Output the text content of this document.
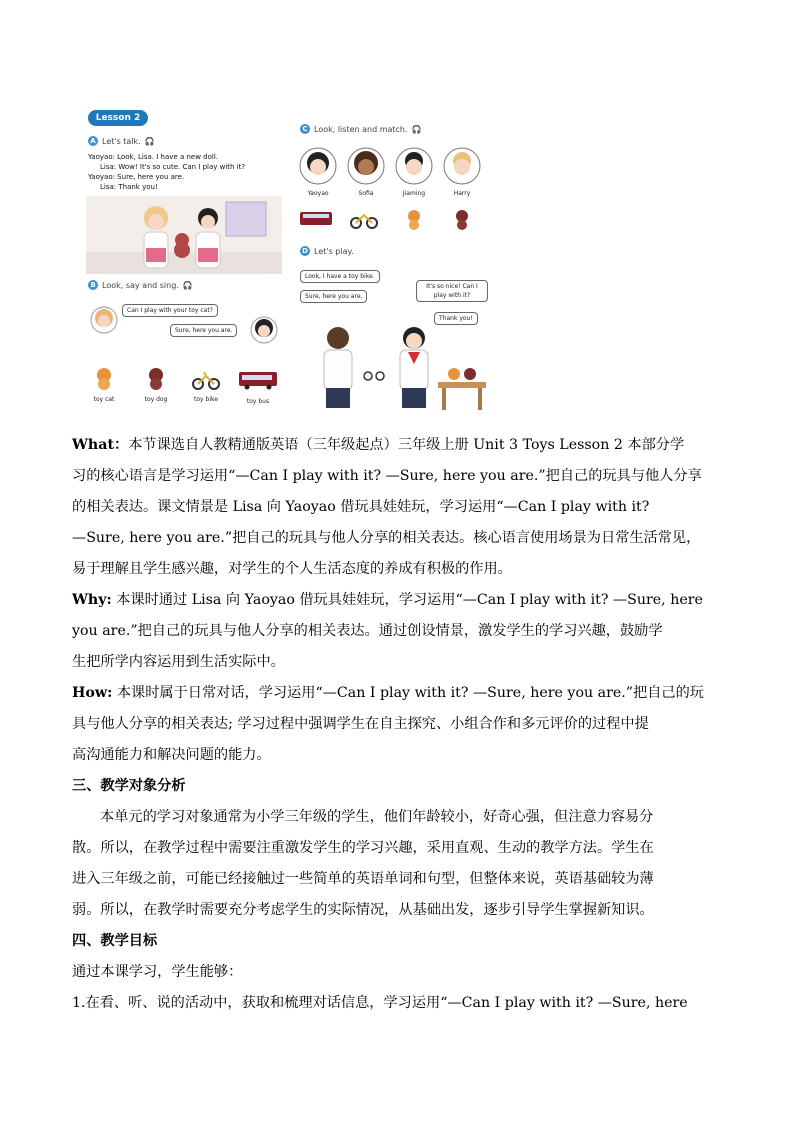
Lesson 2
A Let's talk. 🎧
Yaoyao: Look, Lisa. I have a new doll.
Lisa: Wow! It's so cute. Can I play with it?
Yaoyao: Sure, here you are.
Lisa: Thank you!
B Look, say and sing. 🎧
Can I play with your toy cat?
Sure, here you are.
toy cat	toy dog	toy bike	toy bus
C Look, listen and match. 🎧
Yaoyao	Sofia	Jiaming	Harry
D Let's play.
Look, I have a toy bike.
Sure, here you are.
It's so nice! Can I play with it?
Thank you!

What：本节课选自人教精通版英语（三年级起点）三年级上册 Unit 3 Toys Lesson 2 本部分学

习的核心语言是学习运用“—Can I play with it? —Sure, here you are.”把自己的玩具与他人分享

的相关表达。课文情景是 Lisa 向 Yaoyao 借玩具娃娃玩，学习运用“—Can I play with it?

—Sure, here you are.”把自己的玩具与他人分享的相关表达。核心语言使用场景为日常生活常见，

易于理解且学生感兴趣，对学生的个人生活态度的养成有积极的作用。

Why: 本课时通过 Lisa 向 Yaoyao 借玩具娃娃玩，学习运用“—Can I play with it? —Sure, here

you are.”把自己的玩具与他人分享的相关表达。通过创设情景，激发学生的学习兴趣，鼓励学

生把所学内容运用到生活实际中。

How: 本课时属于日常对话，学习运用“—Can I play with it? —Sure, here you are.”把自己的玩

具与他人分享的相关表达; 学习过程中强调学生在自主探究、小组合作和多元评价的过程中提

高沟通能力和解决问题的能力。

三、教学对象分析

本单元的学习对象通常为小学三年级的学生，他们年龄较小，好奇心强，但注意力容易分

散。所以，在教学过程中需要注重激发学生的学习兴趣，采用直观、生动的教学方法。学生在

进入三年级之前，可能已经接触过一些简单的英语单词和句型，但整体来说，英语基础较为薄

弱。所以，在教学时需要充分考虑学生的实际情况，从基础出发，逐步引导学生掌握新知识。

四、教学目标

通过本课学习，学生能够：

1.在看、听、说的活动中，获取和梳理对话信息，学习运用“—Can I play with it? —Sure, here
